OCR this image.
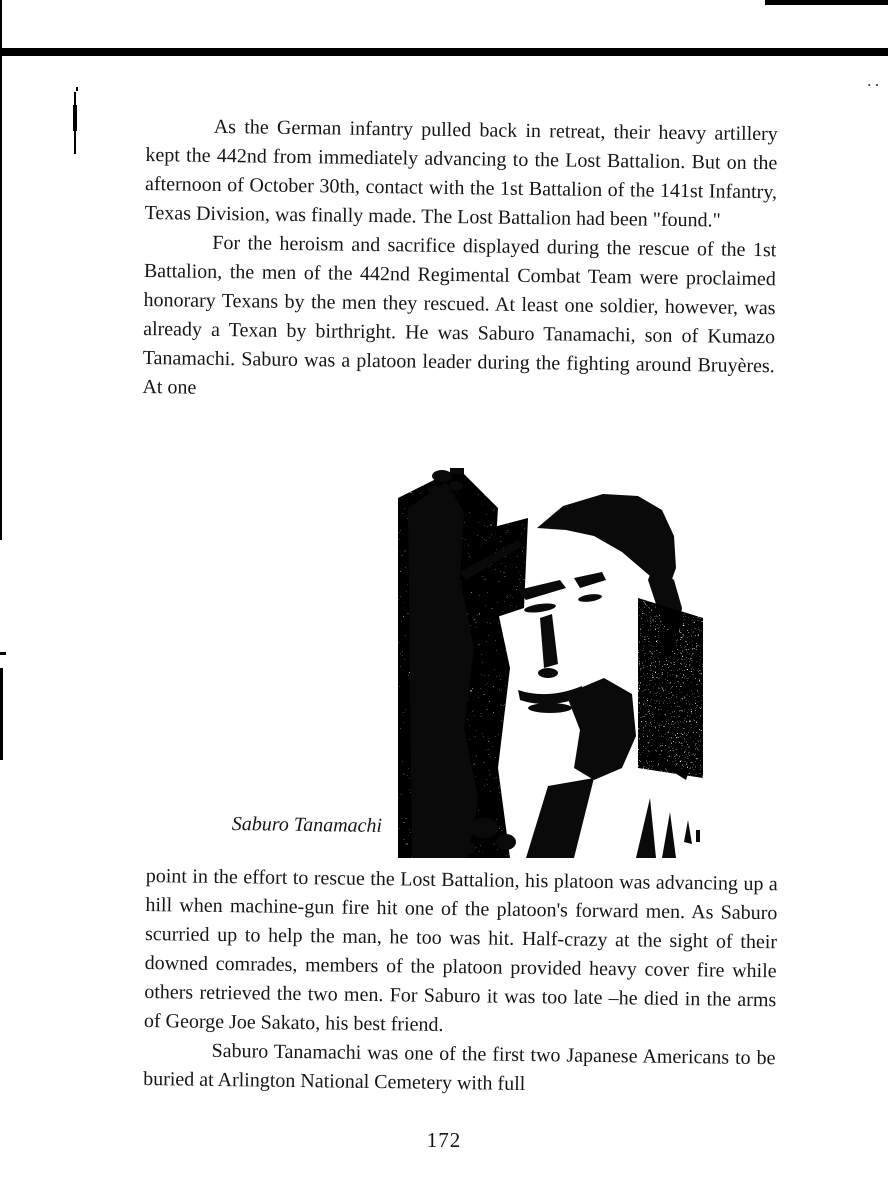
..

As the German infantry pulled back in retreat, their heavy artillery kept the 442nd from immediately advancing to the Lost Battalion. But on the afternoon of October 30th, contact with the 1st Battalion of the 141st Infantry, Texas Division, was finally made. The Lost Battalion had been "found."

For the heroism and sacrifice displayed during the rescue of the 1st Battalion, the men of the 442nd Regimental Combat Team were proclaimed honorary Texans by the men they rescued. At least one soldier, however, was already a Texan by birthright. He was Saburo Tanamachi, son of Kumazo Tanamachi. Saburo was a platoon leader during the fighting around Bruyères. At one

Saburo Tanamachi

point in the effort to rescue the Lost Battalion, his platoon was advancing up a hill when machine-gun fire hit one of the platoon's forward men. As Saburo scurried up to help the man, he too was hit. Half-crazy at the sight of their downed comrades, members of the platoon provided heavy cover fire while others retrieved the two men. For Saburo it was too late –he died in the arms of George Joe Sakato, his best friend.

Saburo Tanamachi was one of the first two Japanese Americans to be buried at Arlington National Cemetery with full

172
